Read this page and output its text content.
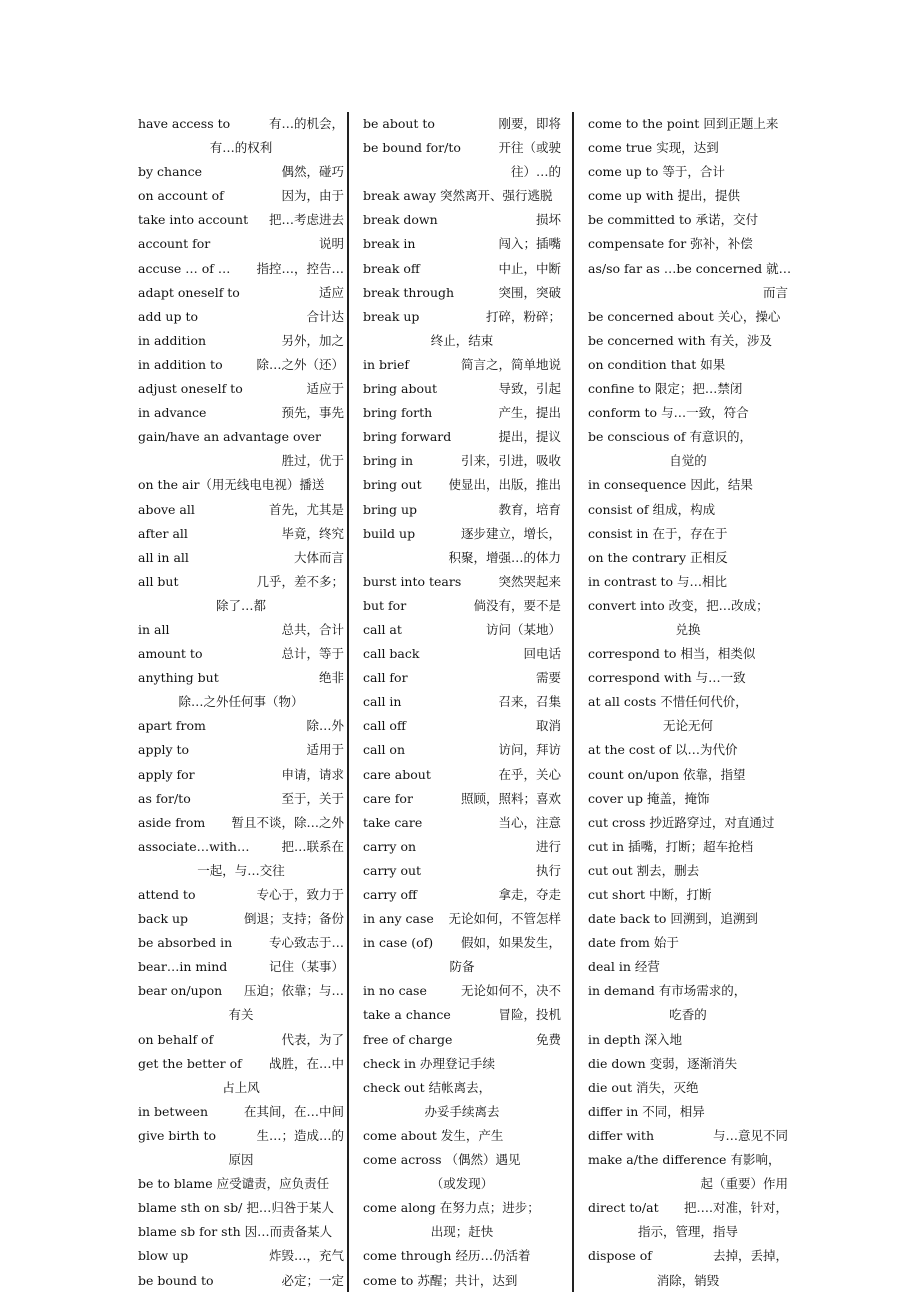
have access to	有…的机会，
有…的权利
by chance	偶然，碰巧
on account of	因为，由于
take into account	把…考虑进去
account for	说明
accuse … of …	指控…，控告…
adapt oneself to	适应
add up to	合计达
in addition	另外，加之
in addition to	除…之外（还）
adjust oneself to	适应于
in advance	预先，事先
gain/have an advantage over
胜过，优于
on the air（用无线电电视）播送
above all	首先，尤其是
after all	毕竟，终究
all in all	大体而言
all but	几乎，差不多；
除了…都
in all	总共，合计
amount to	总计，等于
anything but	绝非
除…之外任何事（物）
apart from	除…外
apply to	适用于
apply for	申请，请求
as for/to	至于，关于
aside from	暂且不谈，除…之外
associate…with…	把…联系在
一起，与…交往
attend to	专心于，致力于
back up	倒退；支持；备份
be absorbed in	专心致志于…
bear…in mind	记住（某事）
bear on/upon	压迫；依靠；与…
有关
on behalf of	代表，为了
get the better of	战胜，在…中
占上风
in between	在其间，在…中间
give birth to	生…；造成…的
原因
be to blame 应受谴责，应负责任
blame sth on sb/ 把…归咎于某人
blame sb for sth 因…而责备某人
blow up	炸毁…，充气
be bound to	必定；一定
be about to	刚要，即将
be bound for/to	开往（或驶
往）…的
break away 突然离开、强行逃脱
break down	损坏
break in	闯入；插嘴
break off	中止，中断
break through	突围，突破
break up	打碎，粉碎；
终止，结束
in brief	简言之，简单地说
bring about	导致，引起
bring forth	产生，提出
bring forward	提出，提议
bring in	引来，引进，吸收
bring out	使显出，出版，推出
bring up	教育，培育
build up	逐步建立，增长，
积聚，增强…的体力
burst into tears	突然哭起来
but for	倘没有，要不是
call at	访问（某地）
call back	回电话
call for	需要
call in	召来，召集
call off	取消
call on	访问，拜访
care about	在乎，关心
care for	照顾，照料；喜欢
take care	当心，注意
carry on	进行
carry out	执行
carry off	拿走，夺走
in any case	无论如何，不管怎样
in case (of)	假如，如果发生，
防备
in no case	无论如何不，决不
take a chance	冒险，投机
free of charge	免费
check in 办理登记手续
check out 结帐离去，
办妥手续离去
come about 发生，产生
come across （偶然）遇见
（或发现）
come along 在努力点；进步；
出现；赶快
come through 经历…仍活着
come to 苏醒；共计，达到
come to the point 回到正题上来
come true 实现，达到
come up to 等于，合计
come up with 提出，提供
be committed to 承诺，交付
compensate for 弥补，补偿
as/so far as …be concerned 就…
而言
be concerned about 关心，操心
be concerned with 有关，涉及
on condition that 如果
confine to 限定；把…禁闭
conform to 与…一致，符合
be conscious of 有意识的，
自觉的
in consequence 因此，结果
consist of 组成，构成
consist in 在于，存在于
on the contrary 正相反
in contrast to 与…相比
convert into 改变，把…改成；
兑换
correspond to 相当，相类似
correspond with 与…一致
at all costs 不惜任何代价，
无论无何
at the cost of 以…为代价
count on/upon 依靠，指望
cover up 掩盖，掩饰
cut cross 抄近路穿过，对直通过
cut in 插嘴，打断；超车抢档
cut out 割去，删去
cut short 中断，打断
date back to 回溯到，追溯到
date from 始于
deal in 经营
in demand 有市场需求的，
吃香的
in depth 深入地
die down 变弱，逐渐消失
die out 消失，灭绝
differ in 不同，相异
differ with	与…意见不同
make a/the difference 有影响，
起（重要）作用
direct to/at	把….对准，针对，
指示，管理，指导
dispose of	去掉，丢掉，
消除，销毁
